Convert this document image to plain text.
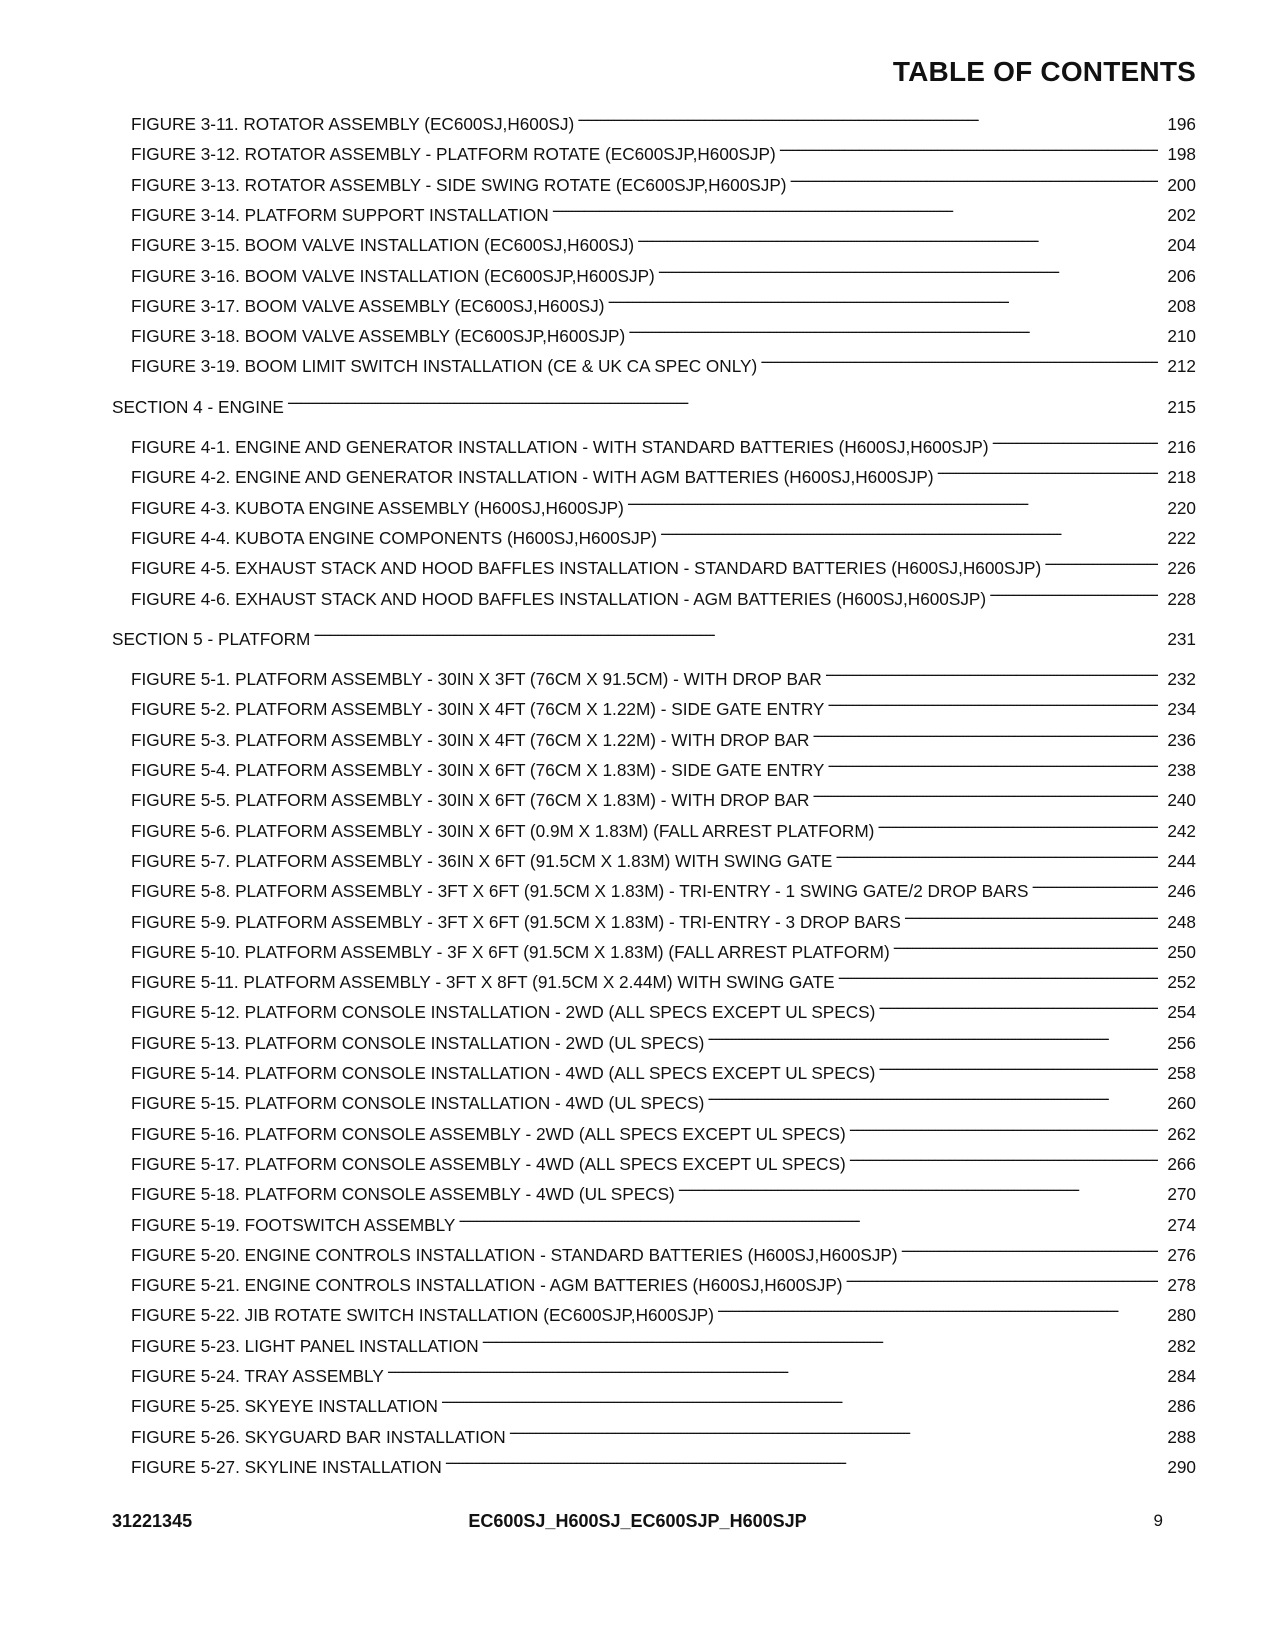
TABLE OF CONTENTS
FIGURE 3-11. ROTATOR ASSEMBLY (EC600SJ,H600SJ) . . .	196
FIGURE 3-12. ROTATOR ASSEMBLY - PLATFORM ROTATE (EC600SJP,H600SJP) . . .	198
FIGURE 3-13. ROTATOR ASSEMBLY - SIDE SWING ROTATE (EC600SJP,H600SJP) . . .	200
FIGURE 3-14. PLATFORM SUPPORT INSTALLATION . . .	202
FIGURE 3-15. BOOM VALVE INSTALLATION (EC600SJ,H600SJ) . . .	204
FIGURE 3-16. BOOM VALVE INSTALLATION (EC600SJP,H600SJP) . . .	206
FIGURE 3-17. BOOM VALVE ASSEMBLY (EC600SJ,H600SJ) . . .	208
FIGURE 3-18. BOOM VALVE ASSEMBLY (EC600SJP,H600SJP) . . .	210
FIGURE 3-19. BOOM LIMIT SWITCH INSTALLATION (CE & UK CA SPEC ONLY) . . .	212
SECTION 4 - ENGINE . . .	215
FIGURE 4-1. ENGINE AND GENERATOR INSTALLATION - WITH STANDARD BATTERIES (H600SJ,H600SJP) . . .	216
FIGURE 4-2. ENGINE AND GENERATOR INSTALLATION - WITH AGM BATTERIES (H600SJ,H600SJP) . . .	218
FIGURE 4-3. KUBOTA ENGINE ASSEMBLY (H600SJ,H600SJP) . . .	220
FIGURE 4-4. KUBOTA ENGINE COMPONENTS (H600SJ,H600SJP) . . .	222
FIGURE 4-5. EXHAUST STACK AND HOOD BAFFLES INSTALLATION - STANDARD BATTERIES (H600SJ,H600SJP) . . .	226
FIGURE 4-6. EXHAUST STACK AND HOOD BAFFLES INSTALLATION - AGM BATTERIES (H600SJ,H600SJP) . . .	228
SECTION 5 - PLATFORM . . .	231
FIGURE 5-1. PLATFORM ASSEMBLY - 30IN X 3FT (76CM X 91.5CM) - WITH DROP BAR . . .	232
FIGURE 5-2. PLATFORM ASSEMBLY - 30IN X 4FT (76CM X 1.22M) - SIDE GATE ENTRY . . .	234
FIGURE 5-3. PLATFORM ASSEMBLY - 30IN X 4FT (76CM X 1.22M) - WITH DROP BAR . . .	236
FIGURE 5-4. PLATFORM ASSEMBLY - 30IN X 6FT (76CM X 1.83M) - SIDE GATE ENTRY . . .	238
FIGURE 5-5. PLATFORM ASSEMBLY - 30IN X 6FT (76CM X 1.83M) - WITH DROP BAR . . .	240
FIGURE 5-6. PLATFORM ASSEMBLY - 30IN X 6FT (0.9M X 1.83M) (FALL ARREST PLATFORM) . . .	242
FIGURE 5-7. PLATFORM ASSEMBLY - 36IN X 6FT (91.5CM X 1.83M) WITH SWING GATE . . .	244
FIGURE 5-8. PLATFORM ASSEMBLY - 3FT X 6FT (91.5CM X 1.83M) - TRI-ENTRY - 1 SWING GATE/2 DROP BARS . . .	246
FIGURE 5-9. PLATFORM ASSEMBLY - 3FT X 6FT (91.5CM X 1.83M) - TRI-ENTRY - 3 DROP BARS . . .	248
FIGURE 5-10. PLATFORM ASSEMBLY - 3F X 6FT (91.5CM X 1.83M) (FALL ARREST PLATFORM) . . .	250
FIGURE 5-11. PLATFORM ASSEMBLY - 3FT X 8FT (91.5CM X 2.44M) WITH SWING GATE . . .	252
FIGURE 5-12. PLATFORM CONSOLE INSTALLATION - 2WD (ALL SPECS EXCEPT UL SPECS) . . .	254
FIGURE 5-13. PLATFORM CONSOLE INSTALLATION - 2WD (UL SPECS) . . .	256
FIGURE 5-14. PLATFORM CONSOLE INSTALLATION - 4WD (ALL SPECS EXCEPT UL SPECS) . . .	258
FIGURE 5-15. PLATFORM CONSOLE INSTALLATION - 4WD (UL SPECS) . . .	260
FIGURE 5-16. PLATFORM CONSOLE ASSEMBLY - 2WD (ALL SPECS EXCEPT UL SPECS) . . .	262
FIGURE 5-17. PLATFORM CONSOLE ASSEMBLY - 4WD (ALL SPECS EXCEPT UL SPECS) . . .	266
FIGURE 5-18. PLATFORM CONSOLE ASSEMBLY - 4WD (UL SPECS) . . .	270
FIGURE 5-19. FOOTSWITCH ASSEMBLY . . .	274
FIGURE 5-20. ENGINE CONTROLS INSTALLATION - STANDARD BATTERIES (H600SJ,H600SJP) . . .	276
FIGURE 5-21. ENGINE CONTROLS INSTALLATION - AGM BATTERIES (H600SJ,H600SJP) . . .	278
FIGURE 5-22. JIB ROTATE SWITCH INSTALLATION (EC600SJP,H600SJP) . . .	280
FIGURE 5-23. LIGHT PANEL INSTALLATION . . .	282
FIGURE 5-24. TRAY ASSEMBLY . . .	284
FIGURE 5-25. SKYEYE INSTALLATION . . .	286
FIGURE 5-26. SKYGUARD BAR INSTALLATION . . .	288
FIGURE 5-27. SKYLINE INSTALLATION . . .	290
31221345	EC600SJ_H600SJ_EC600SJP_H600SJP	9
